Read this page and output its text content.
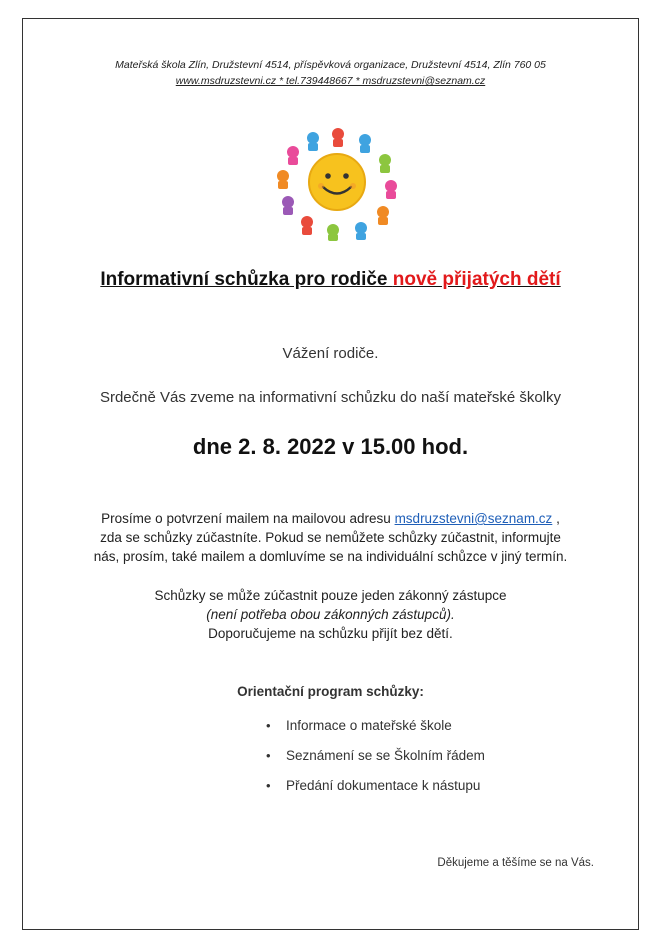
Mateřská škola Zlín, Družstevní 4514, příspěvková organizace, Družstevní 4514, Zlín 760 05
www.msdruzstevni.cz * tel.739448667 * msdruzstevni@seznam.cz
Informativní schůzka pro rodiče nově přijatých dětí
Vážení rodiče.
Srdečně Vás zveme na informativní schůzku do naší mateřské školky
dne 2. 8. 2022 v 15.00 hod.
Prosíme o potvrzení mailem na mailovou adresu msdruzstevni@seznam.cz ,
zda se schůzky zúčastníte. Pokud se nemůžete schůzky zúčastnit, informujte
nás, prosím, také mailem a domluvíme se na individuální schůzce v jiný termín.
Schůzky se může zúčastnit pouze jeden zákonný zástupce
(není potřeba obou zákonných zástupců).
Doporučujeme na schůzku přijít bez dětí.
Orientační program schůzky:
• Informace o mateřské škole
• Seznámení se se Školním řádem
• Předání dokumentace k nástupu
Děkujeme a těšíme se na Vás.
